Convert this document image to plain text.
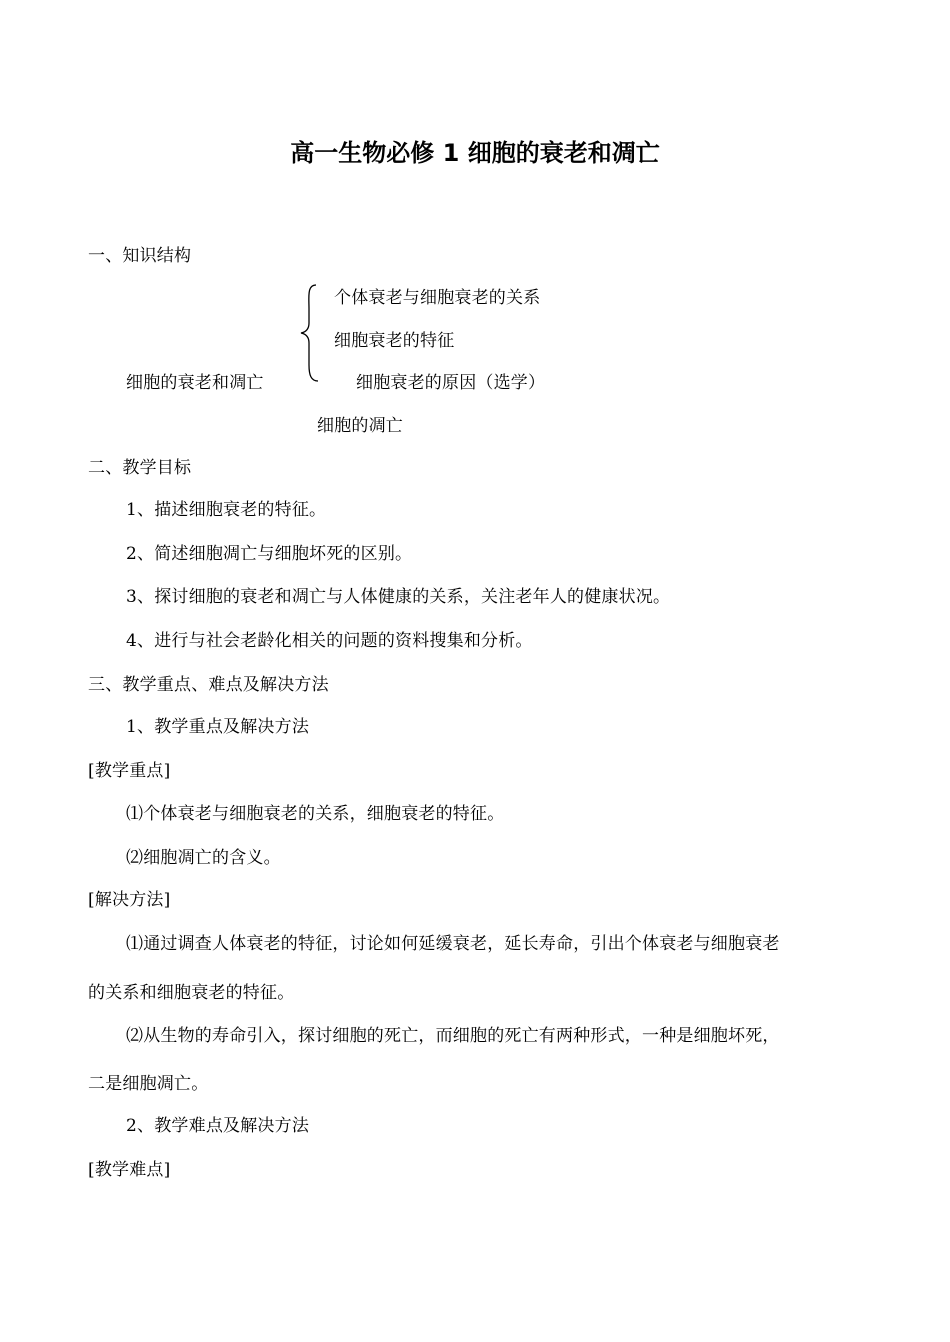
高一生物必修 1 细胞的衰老和凋亡
一、知识结构
个体衰老与细胞衰老的关系
细胞衰老的特征
细胞的衰老和凋亡	细胞衰老的原因（选学）
细胞的凋亡
二、教学目标
1、描述细胞衰老的特征。
2、简述细胞凋亡与细胞坏死的区别。
3、探讨细胞的衰老和凋亡与人体健康的关系，关注老年人的健康状况。
4、进行与社会老龄化相关的问题的资料搜集和分析。
三、教学重点、难点及解决方法
1、教学重点及解决方法
[教学重点]
⑴个体衰老与细胞衰老的关系，细胞衰老的特征。
⑵细胞凋亡的含义。
[解决方法]
⑴通过调查人体衰老的特征，讨论如何延缓衰老，延长寿命，引出个体衰老与细胞衰老
的关系和细胞衰老的特征。
⑵从生物的寿命引入，探讨细胞的死亡，而细胞的死亡有两种形式，一种是细胞坏死，
二是细胞凋亡。
2、教学难点及解决方法
[教学难点]
